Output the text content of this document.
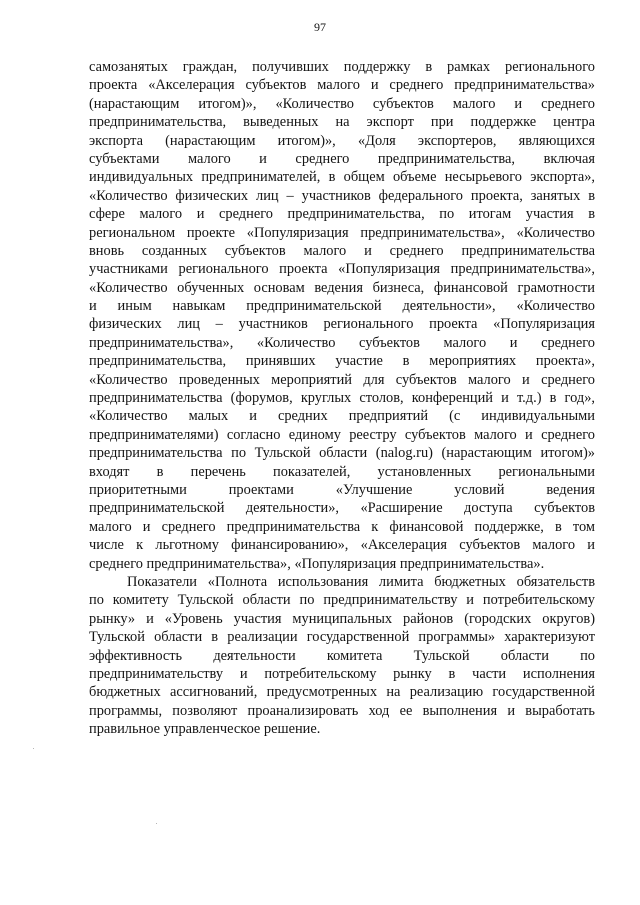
97
самозанятых граждан, получивших поддержку в рамках регионального
проекта «Акселерация субъектов малого и среднего предпринимательства»
(нарастающим итогом)», «Количество субъектов малого и среднего
предпринимательства, выведенных на экспорт при поддержке центра
экспорта (нарастающим итогом)», «Доля экспортеров, являющихся
субъектами малого и среднего предпринимательства, включая
индивидуальных предпринимателей, в общем объеме несырьевого экспорта»,
«Количество физических лиц – участников федерального проекта, занятых в
сфере малого и среднего предпринимательства, по итогам участия в
региональном проекте «Популяризация предпринимательства», «Количество
вновь созданных субъектов малого и среднего предпринимательства
участниками регионального проекта «Популяризация предпринимательства»,
«Количество обученных основам ведения бизнеса, финансовой грамотности
и иным навыкам предпринимательской деятельности», «Количество
физических лиц – участников регионального проекта «Популяризация
предпринимательства», «Количество субъектов малого и среднего
предпринимательства, принявших участие в мероприятиях проекта»,
«Количество проведенных мероприятий для субъектов малого и среднего
предпринимательства (форумов, круглых столов, конференций и т.д.) в год»,
«Количество малых и средних предприятий (с индивидуальными
предпринимателями) согласно единому реестру субъектов малого и среднего
предпринимательства по Тульской области (nalog.ru) (нарастающим итогом)»
входят в перечень показателей, установленных региональными
приоритетными проектами «Улучшение условий ведения
предпринимательской деятельности», «Расширение доступа субъектов
малого и среднего предпринимательства к финансовой поддержке, в том
числе к льготному финансированию», «Акселерация субъектов малого и
среднего предпринимательства», «Популяризация предпринимательства».
Показатели «Полнота использования лимита бюджетных обязательств
по комитету Тульской области по предпринимательству и потребительскому
рынку» и «Уровень участия муниципальных районов (городских округов)
Тульской области в реализации государственной программы» характеризуют
эффективность деятельности комитета Тульской области по
предпринимательству и потребительскому рынку в части исполнения
бюджетных ассигнований, предусмотренных на реализацию государственной
программы, позволяют проанализировать ход ее выполнения и выработать
правильное управленческое решение.
